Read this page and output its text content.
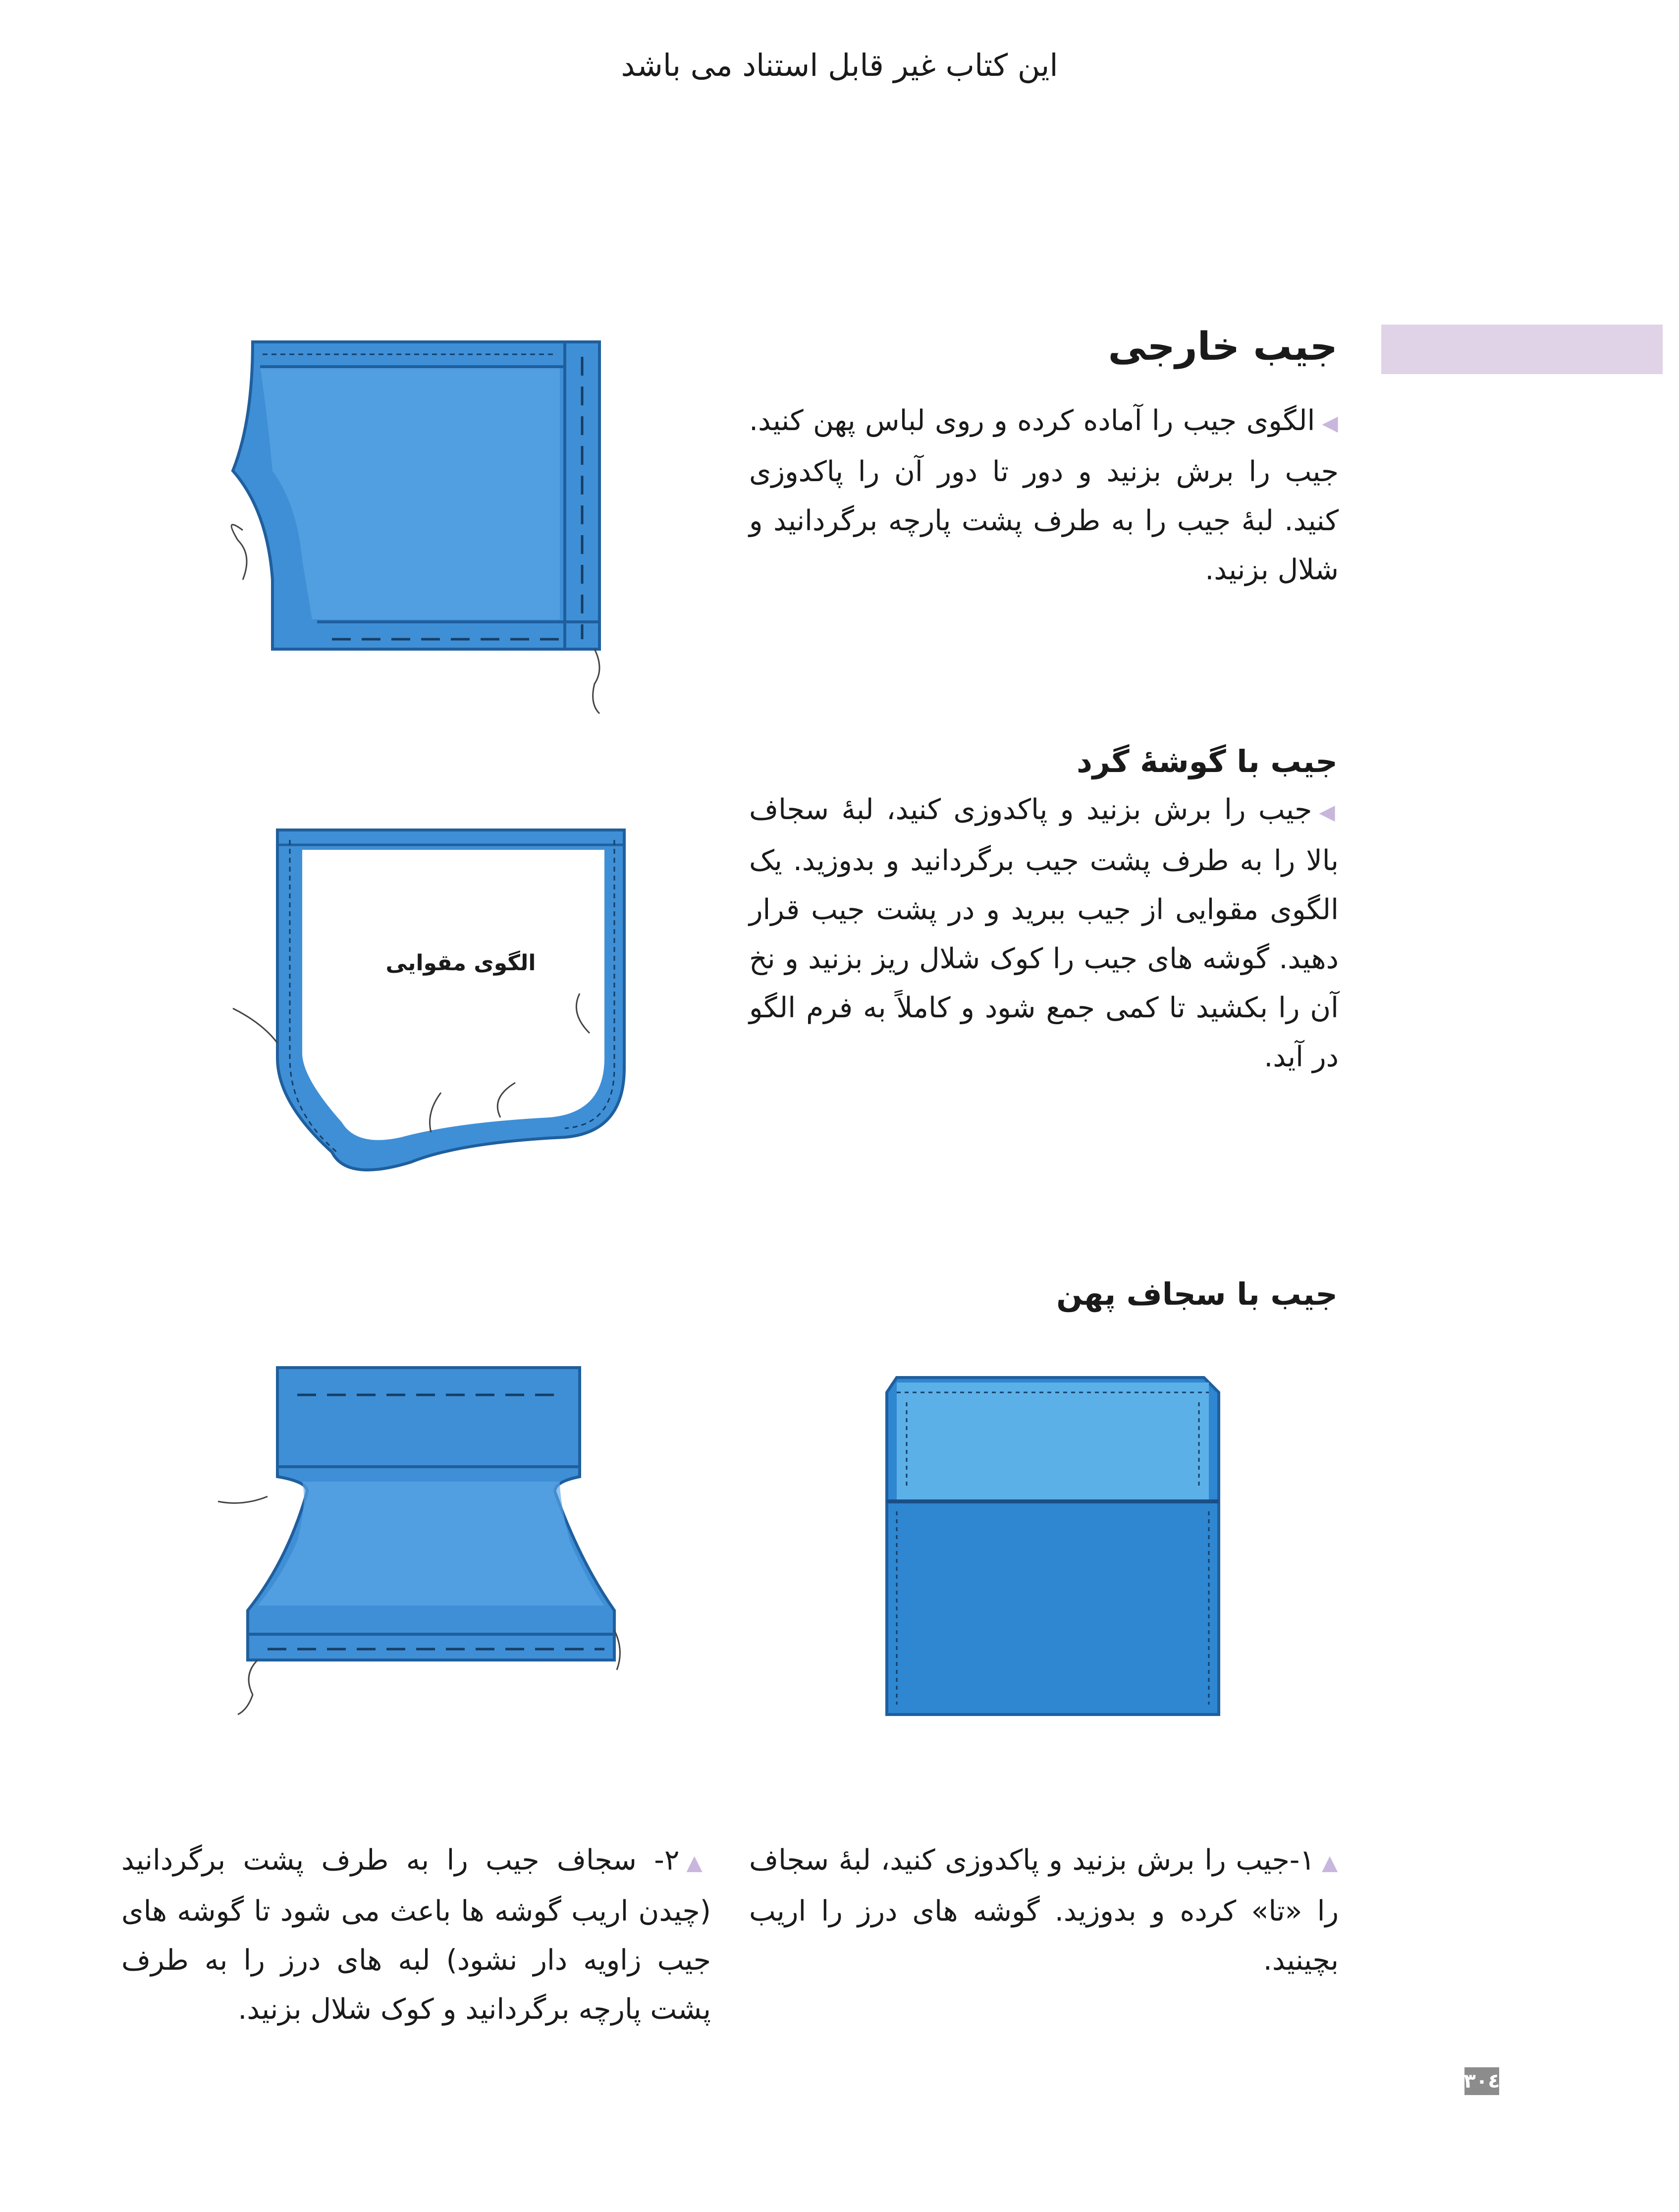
این کتاب غیر قابل استناد می باشد
جیب خارجی
◀الگوی جیب را آماده کرده و روی لباس پهن کنید. جیب را برش بزنید و دور تا دور آن را پاکدوزی کنید. لبهٔ جیب را به طرف پشت پارچه برگردانید و شلال بزنید.
جیب با گوشهٔ گرد
◀جیب را برش بزنید و پاکدوزی کنید، لبهٔ سجاف بالا را به طرف پشت جیب برگردانید و بدوزید. یک الگوی مقوایی از جیب ببرید و در پشت جیب قرار دهید. گوشه های جیب را کوک شلال ریز بزنید و نخ آن را بکشید تا کمی جمع شود و کاملاً به فرم الگو در آید.
الگوی مقوایی
جیب با سجاف پهن
▲۱-جیب را برش بزنید و پاکدوزی کنید، لبهٔ سجاف را «تا» کرده و بدوزید. گوشه های درز را اریب بچینید.
▲۲- سجاف جیب را به طرف پشت برگردانید (چیدن اریب گوشه ها باعث می شود تا گوشه های جیب زاویه دار نشود) لبه های درز را به طرف پشت پارچه برگردانید و کوک شلال بزنید.
۳۰٤
